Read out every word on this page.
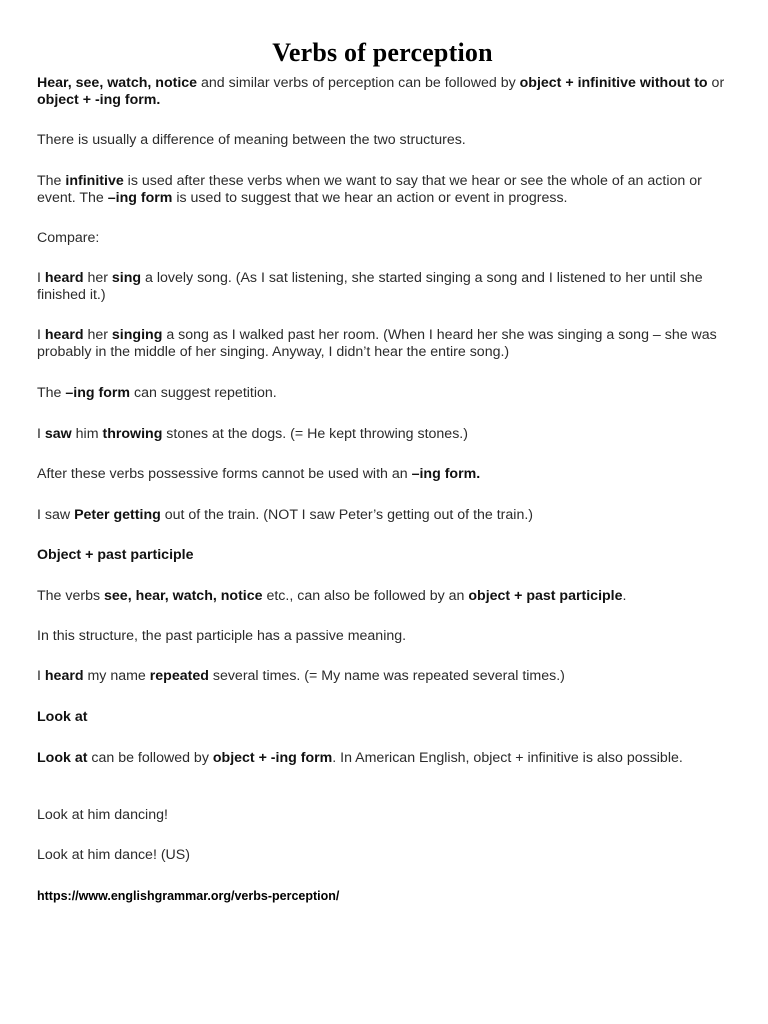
Verbs of perception

Hear, see, watch, notice and similar verbs of perception can be followed by object + infinitive without to or object + -ing form.

There is usually a difference of meaning between the two structures.

The infinitive is used after these verbs when we want to say that we hear or see the whole of an action or event. The –ing form is used to suggest that we hear an action or event in progress.

Compare:

I heard her sing a lovely song. (As I sat listening, she started singing a song and I listened to her until she finished it.)

I heard her singing a song as I walked past her room. (When I heard her she was singing a song – she was probably in the middle of her singing. Anyway, I didn’t hear the entire song.)

The –ing form can suggest repetition.

I saw him throwing stones at the dogs. (= He kept throwing stones.)

After these verbs possessive forms cannot be used with an –ing form.

I saw Peter getting out of the train. (NOT I saw Peter’s getting out of the train.)

Object + past participle

The verbs see, hear, watch, notice etc., can also be followed by an object + past participle.

In this structure, the past participle has a passive meaning.

I heard my name repeated several times. (= My name was repeated several times.)

Look at

Look at can be followed by object + -ing form. In American English, object + infinitive is also possible.

Look at him dancing!

Look at him dance! (US)

https://www.englishgrammar.org/verbs-perception/
